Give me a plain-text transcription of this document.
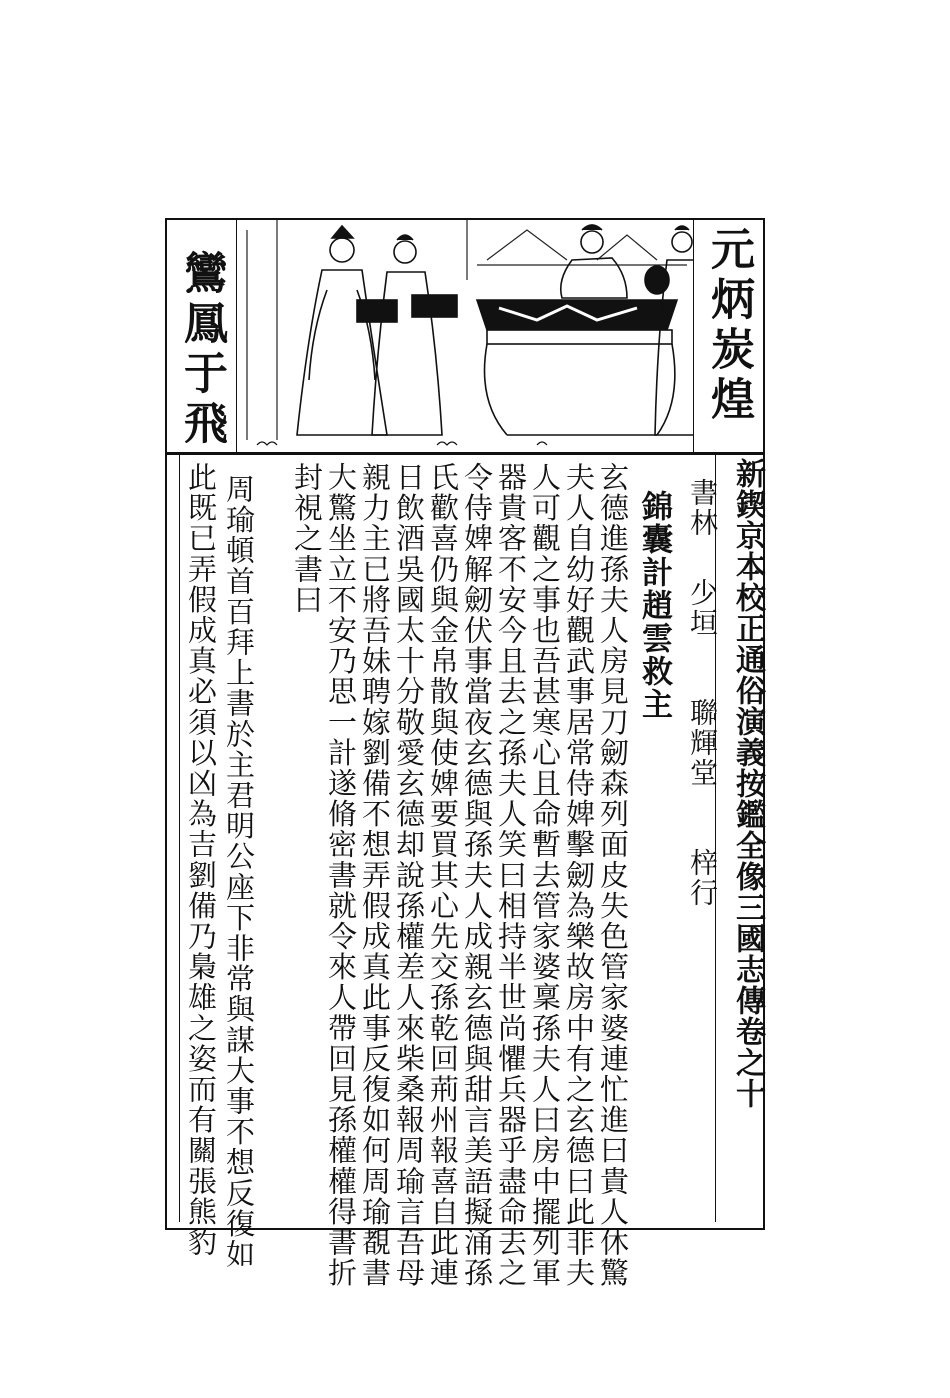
鸞鳳于飛	元炳炭煌
新鍥京本校正通俗演義按鑑全像三國志傳卷之十
書林
少垣
聯輝堂
梓行
錦囊計趙雲救主
玄德進孫夫人房見刀劒森列面皮失色管家婆連忙進曰貴人休驚
夫人自幼好觀武事居常侍婢擊劒為樂故房中有之玄德曰此非夫
人可觀之事也吾甚寒心且命暫去管家婆稟孫夫人曰房中擺列軍
器貴客不安今且去之孫夫人笑曰相持半世尚懼兵器乎盡命去之
令侍婢解劒伏事當夜玄德與孫夫人成親玄德與甜言美語擬涌孫
氏歡喜仍與金帛散與使婢要買其心先交孫乾回荊州報喜自此連
日飲酒吳國太十分敬愛玄德却說孫權差人來柴桑報周瑜言吾母
親力主已將吾妹聘嫁劉備不想弄假成真此事反復如何周瑜覩書
大驚坐立不安乃思一計遂脩密書就令來人帶回見孫權權得書折
封視之書曰
周瑜頓首百拜上書於主君明公座下非常與謀大事不想反復如
此既已弄假成真必須以凶為吉劉備乃梟雄之姿而有關張熊豹
